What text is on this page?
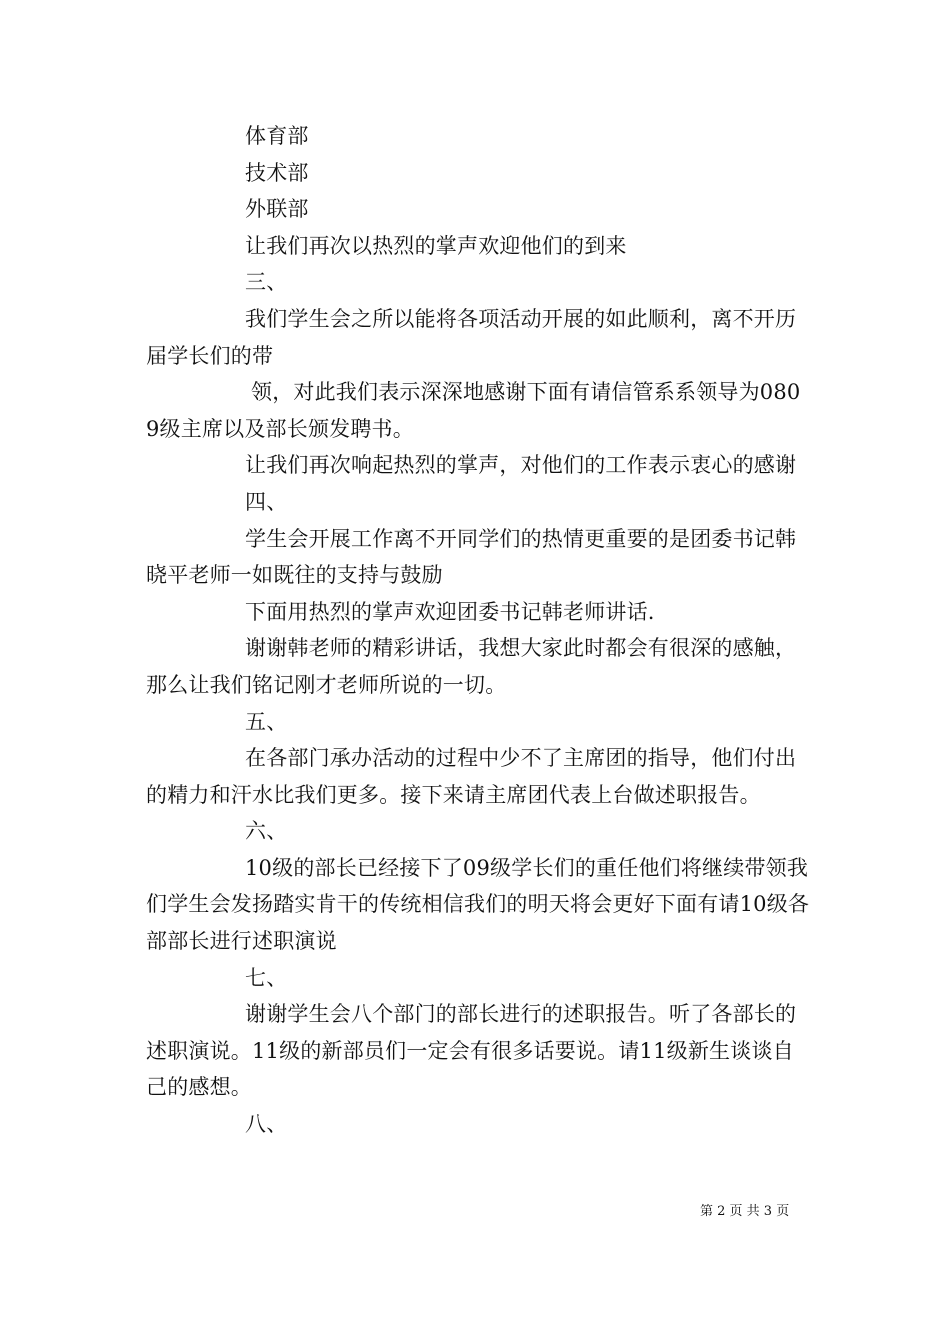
体育部

技术部

外联部

让我们再次以热烈的掌声欢迎他们的到来

三、

我们学生会之所以能将各项活动开展的如此顺利，离不开历届学长们的带

领，对此我们表示深深地感谢下面有请信管系系领导为0809级主席以及部长颁发聘书。

让我们再次响起热烈的掌声，对他们的工作表示衷心的感谢

四、

学生会开展工作离不开同学们的热情更重要的是团委书记韩晓平老师一如既往的支持与鼓励

下面用热烈的掌声欢迎团委书记韩老师讲话.

谢谢韩老师的精彩讲话，我想大家此时都会有很深的感触，那么让我们铭记刚才老师所说的一切。

五、

在各部门承办活动的过程中少不了主席团的指导，他们付出的精力和汗水比我们更多。接下来请主席团代表上台做述职报告。

六、

10级的部长已经接下了09级学长们的重任他们将继续带领我们学生会发扬踏实肯干的传统相信我们的明天将会更好下面有请10级各部部长进行述职演说

七、

谢谢学生会八个部门的部长进行的述职报告。听了各部长的述职演说。11级的新部员们一定会有很多话要说。请11级新生谈谈自己的感想。

八、

第 2 页 共 3 页
